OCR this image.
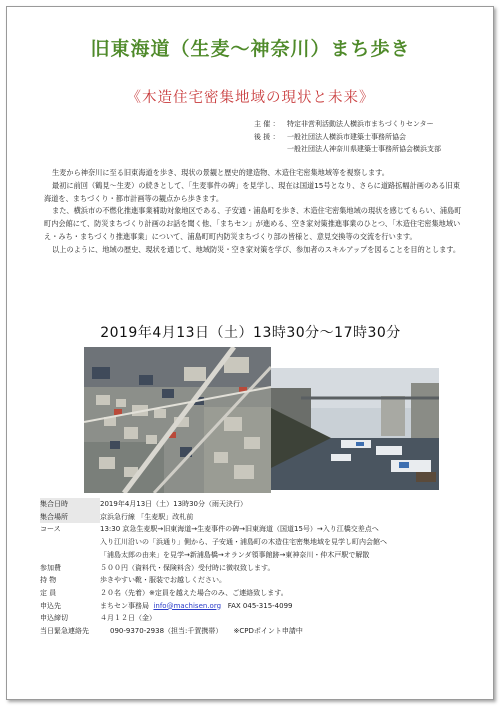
旧東海道（生麦～神奈川）まち歩き
《木造住宅密集地域の現状と未来》
主 催 ：	特定非営利活動法人横浜市まちづくりセンター
後 援 ：	一般社団法人横浜市建築士事務所協会
一般社団法人神奈川県建築士事務所協会横浜支部

生麦から神奈川に至る旧東海道を歩き、現状の景観と歴史的建造物、木造住宅密集地域等を視察します。

最初に前回（鶴見～生麦）の続きとして、「生麦事件の碑」を見学し、現在は国道15号となり、さらに道路拡幅計画のある旧東海道を、まちづくり・都市計画等の観点から歩きます。

また、横浜市の不燃化推進事業補助対象地区である、子安通・浦島町を歩き、木造住宅密集地域の現状を感じてもらい、浦島町町内会館にて、防災まちづくり計画のお話を聞く他、「まちセン」が進める、空き家対策推進事業のひとつ、「木造住宅密集地域いえ・みち・まちづくり推進事業」について、浦島町町内防災まちづくり部の皆様と、意見交換等の交流を行います。

以上のように、地域の歴史、現状を通じて、地域防災・空き家対策を学び、参加者のスキルアップを図ることを目的とします。

2019年4月13日（土）13時30分～17時30分
集合日時	2019年4月13日（土）13時30分（雨天決行）
集合場所	京浜急行線 「生麦駅」改札前
コース	13:30 京急生麦駅→旧東海道→生麦事件の碑→旧東海道（国道15号）→入り江橋交差点へ
入り江川沿いの「浜通り」側から、子安通・浦島町の木造住宅密集地域を見学し町内会館へ
「浦島太郎の由来」を見学→新浦島橋→オランダ領事館跡→東神奈川・仲木戸駅で解散
参加費	５００円（資料代・保険料含）受付時に徴収致します。
持 物	歩きやすい靴・服装でお越しください。
定 員	２０名（先着）※定員を越えた場合のみ、ご連絡致します。
申込先	まちセン事務局 info@machisen.org FAX 045-315-4099
申込締切	４月１２日（金）
当日緊急連絡先	090-9370-2938（担当:千賀携帯） ※CPDポイント申請中
